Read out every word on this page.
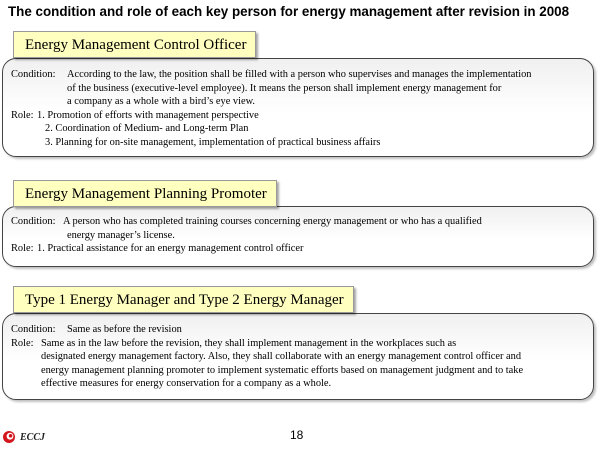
The condition and role of each key person for energy management after revision in 2008
Energy Management Control Officer
Condition:	According to the law, the position shall be filled with a person who supervises and manages the implementation
of the business (executive-level employee). It means the person shall implement energy management for
a company as a whole with a bird’s eye view.
Role: 1. Promotion of efforts with management perspective
2. Coordination of Medium- and Long-term Plan
3. Planning for on-site management, implementation of practical business affairs
Energy Management Planning Promoter
Condition: A person who has completed training courses concerning energy management or who has a qualified
energy manager’s license.
Role: 1. Practical assistance for an energy management control officer
Type 1 Energy Manager and Type 2 Energy Manager
Condition:	Same as before the revision
Role: Same as in the law before the revision, they shall implement management in the workplaces such as
designated energy management factory. Also, they shall collaborate with an energy management control officer and
energy management planning promoter to implement systematic efforts based on management judgment and to take
effective measures for energy conservation for a company as a whole.
ECCJ	18
